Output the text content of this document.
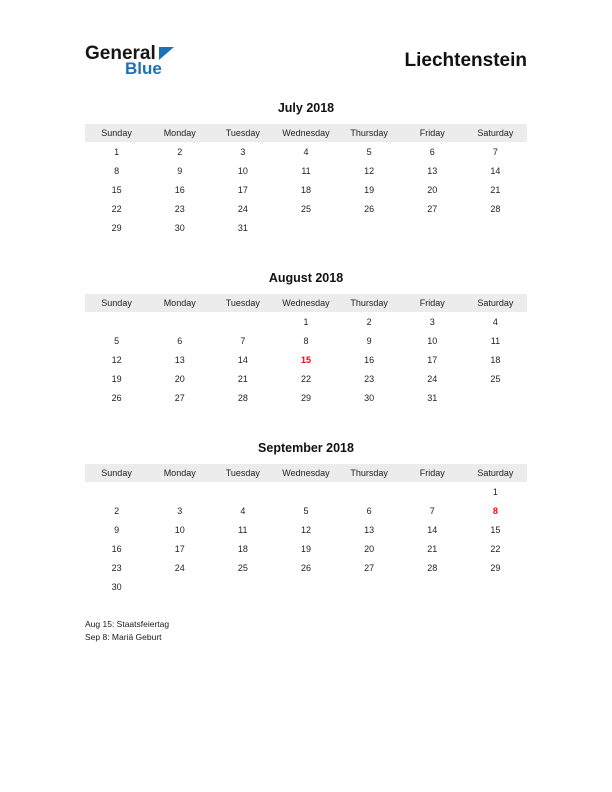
General
Blue	Liechtenstein
July 2018
Sunday	Monday	Tuesday	Wednesday	Thursday	Friday	Saturday
1	2	3	4	5	6	7
8	9	10	11	12	13	14
15	16	17	18	19	20	21
22	23	24	25	26	27	28
29	30	31				
August 2018
Sunday	Monday	Tuesday	Wednesday	Thursday	Friday	Saturday
			1	2	3	4
5	6	7	8	9	10	11
12	13	14	15	16	17	18
19	20	21	22	23	24	25
26	27	28	29	30	31	
September 2018
Sunday	Monday	Tuesday	Wednesday	Thursday	Friday	Saturday
						1
2	3	4	5	6	7	8
9	10	11	12	13	14	15
16	17	18	19	20	21	22
23	24	25	26	27	28	29
30						
Aug 15: Staatsfeiertag
Sep 8: Mariä Geburt
